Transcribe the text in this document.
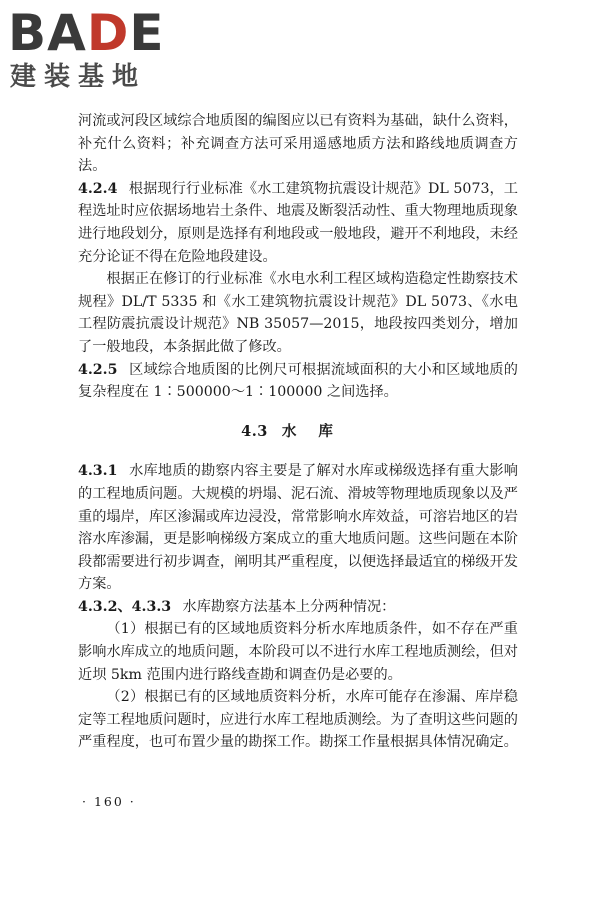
BADE
建装基地

河流或河段区域综合地质图的编图应以已有资料为基础，缺什么资料，补充什么资料；补充调查方法可采用遥感地质方法和路线地质调查方法。

4.2.4 根据现行行业标准《水工建筑物抗震设计规范》DL 5073，工程选址时应依据场地岩土条件、地震及断裂活动性、重大物理地质现象进行地段划分，原则是选择有利地段或一般地段，避开不利地段，未经充分论证不得在危险地段建设。

根据正在修订的行业标准《水电水利工程区域构造稳定性勘察技术规程》DL/T 5335 和《水工建筑物抗震设计规范》DL 5073、《水电工程防震抗震设计规范》NB 35057—2015，地段按四类划分，增加了一般地段，本条据此做了修改。

4.2.5 区域综合地质图的比例尺可根据流域面积的大小和区域地质的复杂程度在 1∶500000～1∶100000 之间选择。

4.3 水库

4.3.1 水库地质的勘察内容主要是了解对水库或梯级选择有重大影响的工程地质问题。大规模的坍塌、泥石流、滑坡等物理地质现象以及严重的塌岸，库区渗漏或库边浸没，常常影响水库效益，可溶岩地区的岩溶水库渗漏，更是影响梯级方案成立的重大地质问题。这些问题在本阶段都需要进行初步调查，阐明其严重程度，以便选择最适宜的梯级开发方案。

4.3.2、4.3.3 水库勘察方法基本上分两种情况：

（1）根据已有的区域地质资料分析水库地质条件，如不存在严重影响水库成立的地质问题，本阶段可以不进行水库工程地质测绘，但对近坝 5km 范围内进行路线查勘和调查仍是必要的。

（2）根据已有的区域地质资料分析，水库可能存在渗漏、库岸稳定等工程地质问题时，应进行水库工程地质测绘。为了查明这些问题的严重程度，也可布置少量的勘探工作。勘探工作量根据具体情况确定。

· 160 ·
